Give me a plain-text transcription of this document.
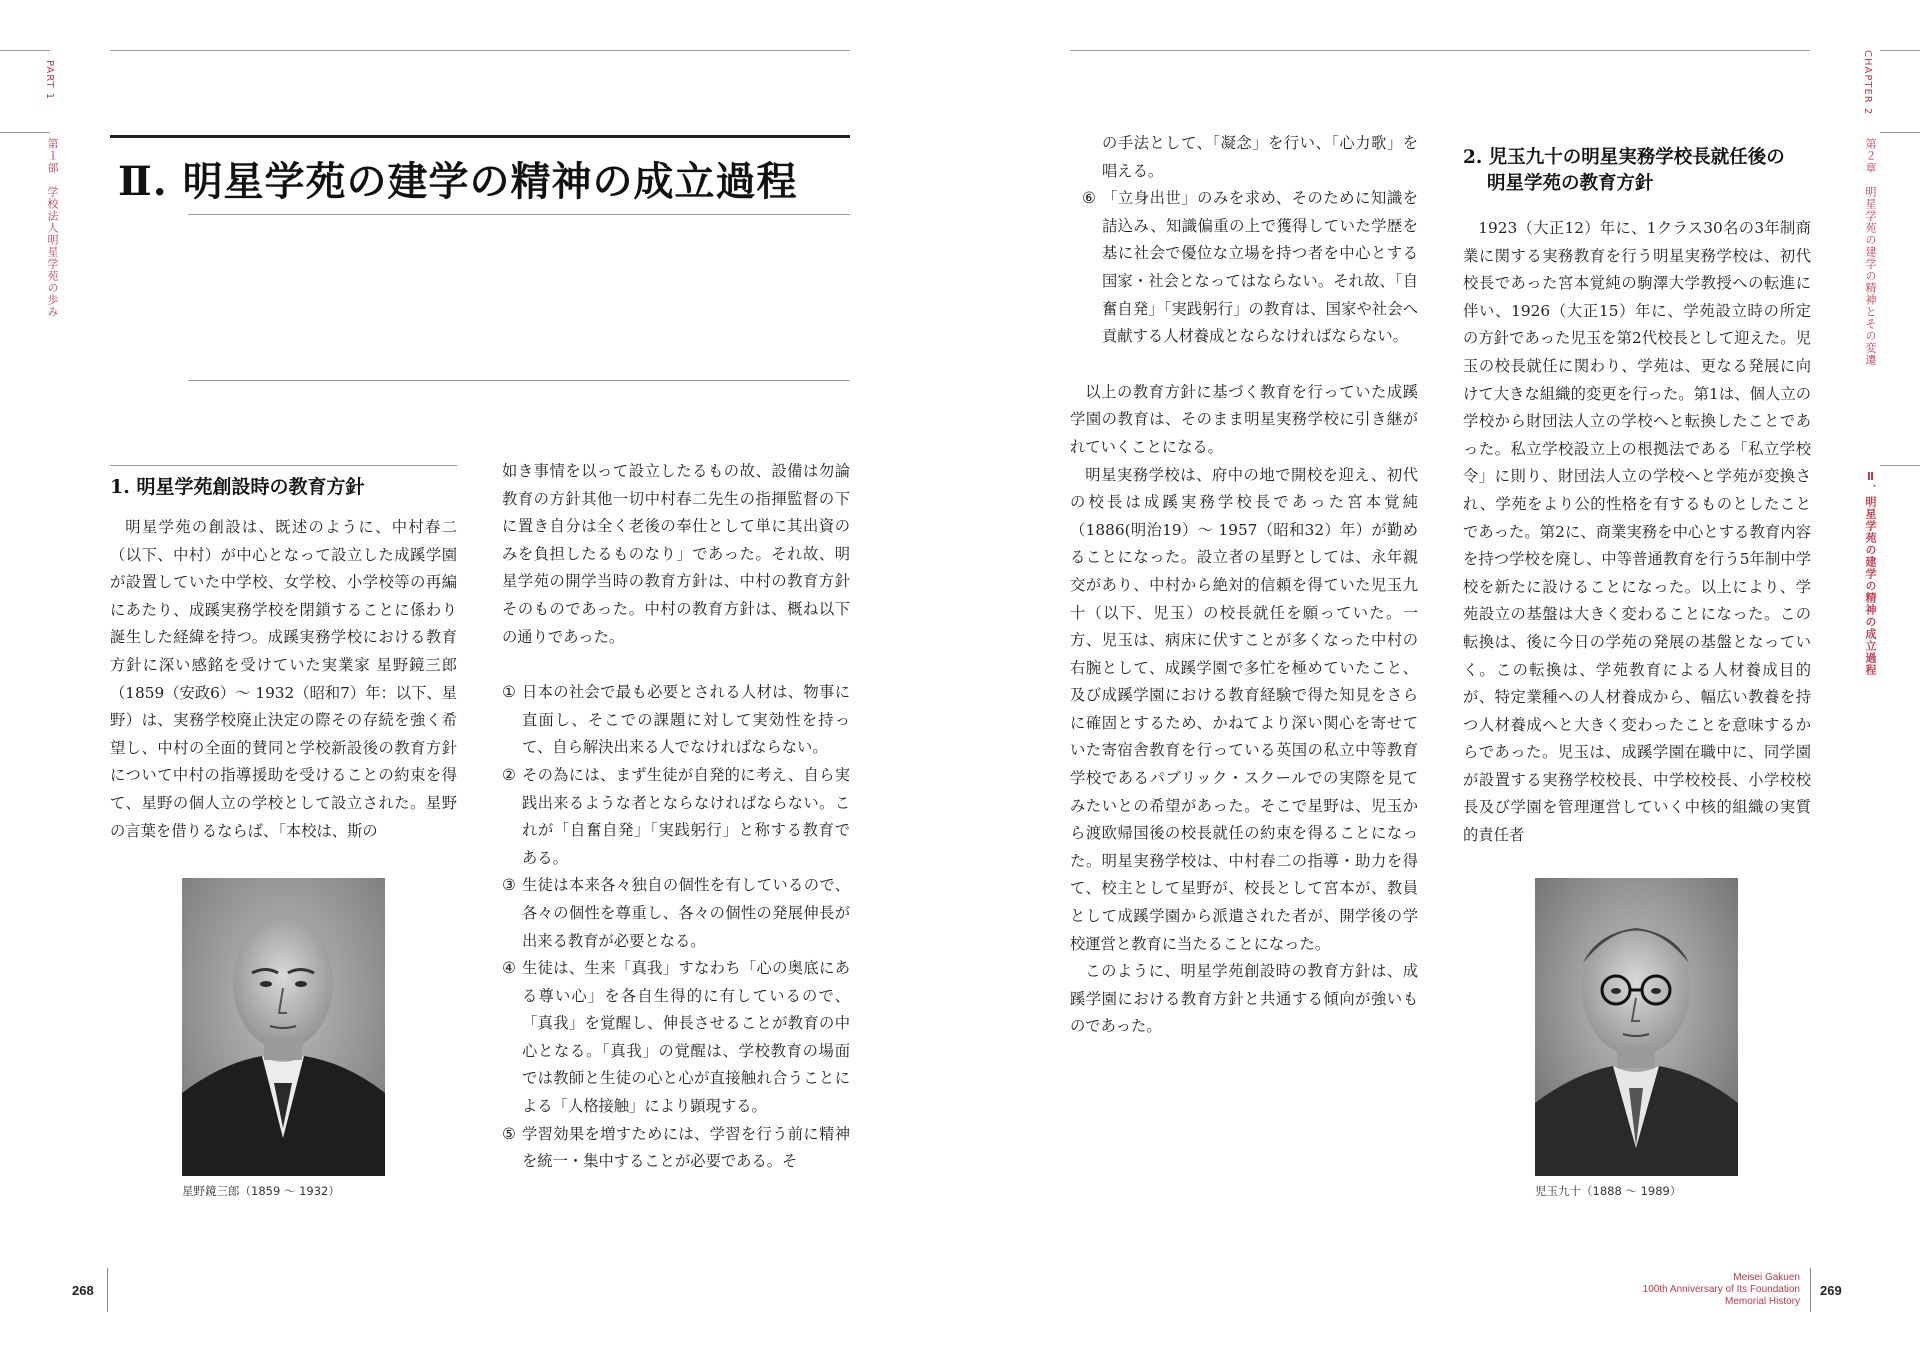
PART 1
第１部　学校法人明星学苑の歩み Ⅱ. 明星学苑の建学の精神の成立過程
1. 明星学苑創設時の教育方針

明星学苑の創設は、既述のように、中村春二（以下、中村）が中心となって設立した成蹊学園が設置していた中学校、女学校、小学校等の再編にあたり、成蹊実務学校を閉鎖することに係わり誕生した経緯を持つ。成蹊実務学校における教育方針に深い感銘を受けていた実業家 星野鏡三郎（1859（安政6）～ 1932（昭和7）年：以下、星野）は、実務学校廃止決定の際その存続を強く希望し、中村の全面的賛同と学校新設後の教育方針について中村の指導援助を受けることの約束を得て、星野の個人立の学校として設立された。星野の言葉を借りるならば、「本校は、斯の

星野鏡三郎（1859 ～ 1932）

如き事情を以って設立したるもの故、設備は勿論教育の方針其他一切中村春二先生の指揮監督の下に置き自分は全く老後の奉仕として単に其出資のみを負担したるものなり」であった。それ故、明星学苑の開学当時の教育方針は、中村の教育方針そのものであった。中村の教育方針は、概ね以下の通りであった。

① 日本の社会で最も必要とされる人材は、物事に直面し、そこでの課題に対して実効性を持って、自ら解決出来る人でなければならない。
② その為には、まず生徒が自発的に考え、自ら実践出来るような者とならなければならない。これが「自奮自発」「実践躬行」と称する教育である。
③ 生徒は本来各々独自の個性を有しているので、各々の個性を尊重し、各々の個性の発展伸長が出来る教育が必要となる。
④ 生徒は、生来「真我」すなわち「心の奥底にある尊い心」を各自生得的に有しているので、「真我」を覚醒し、伸長させることが教育の中心となる。「真我」の覚醒は、学校教育の場面では教師と生徒の心と心が直接触れ合うことによる「人格接触」により顕現する。
⑤ 学習効果を増すためには、学習を行う前に精神を統一・集中することが必要である。そ
268
CHAPTER 2
第２章　明星学苑の建学の精神とその変遷
Ⅱ．明星学苑の建学の精神の成立過程
の手法として、「凝念」を行い、「心力歌」を唱える。
⑥ 「立身出世」のみを求め、そのために知識を詰込み、知識偏重の上で獲得していた学歴を基に社会で優位な立場を持つ者を中心とする国家・社会となってはならない。それ故、「自奮自発」「実践躬行」の教育は、国家や社会へ貢献する人材養成とならなければならない。

以上の教育方針に基づく教育を行っていた成蹊学園の教育は、そのまま明星実務学校に引き継がれていくことになる。

明星実務学校は、府中の地で開校を迎え、初代の校長は成蹊実務学校長であった宮本覚純（1886(明治19）～ 1957（昭和32）年）が勤めることになった。設立者の星野としては、永年親交があり、中村から絶対的信頼を得ていた児玉九十（以下、児玉）の校長就任を願っていた。一方、児玉は、病床に伏すことが多くなった中村の右腕として、成蹊学園で多忙を極めていたこと、及び成蹊学園における教育経験で得た知見をさらに確固とするため、かねてより深い関心を寄せていた寄宿舎教育を行っている英国の私立中等教育学校であるパブリック・スクールでの実際を見てみたいとの希望があった。そこで星野は、児玉から渡欧帰国後の校長就任の約束を得ることになった。明星実務学校は、中村春二の指導・助力を得て、校主として星野が、校長として宮本が、教員として成蹊学園から派遣された者が、開学後の学校運営と教育に当たることになった。

このように、明星学苑創設時の教育方針は、成蹊学園における教育方針と共通する傾向が強いものであった。

2. 児玉九十の明星実務学校長就任後の
明星学苑の教育方針

1923（大正12）年に、1クラス30名の3年制商業に関する実務教育を行う明星実務学校は、初代校長であった宮本覚純の駒澤大学教授への転進に伴い、1926（大正15）年に、学苑設立時の所定の方針であった児玉を第2代校長として迎えた。児玉の校長就任に関わり、学苑は、更なる発展に向けて大きな組織的変更を行った。第1は、個人立の学校から財団法人立の学校へと転換したことであった。私立学校設立上の根拠法である「私立学校令」に則り、財団法人立の学校へと学苑が変換され、学苑をより公的性格を有するものとしたことであった。第2に、商業実務を中心とする教育内容を持つ学校を廃し、中等普通教育を行う5年制中学校を新たに設けることになった。以上により、学苑設立の基盤は大きく変わることになった。この転換は、後に今日の学苑の発展の基盤となっていく。この転換は、学苑教育による人材養成目的が、特定業種への人材養成から、幅広い教養を持つ人材養成へと大きく変わったことを意味するからであった。児玉は、成蹊学園在職中に、同学園が設置する実務学校校長、中学校校長、小学校校長及び学園を管理運営していく中核的組織の実質的責任者

児玉九十（1888 ～ 1989）
Meisei Gakuen
100th Anniversary of Its Foundation
Memorial History
269
